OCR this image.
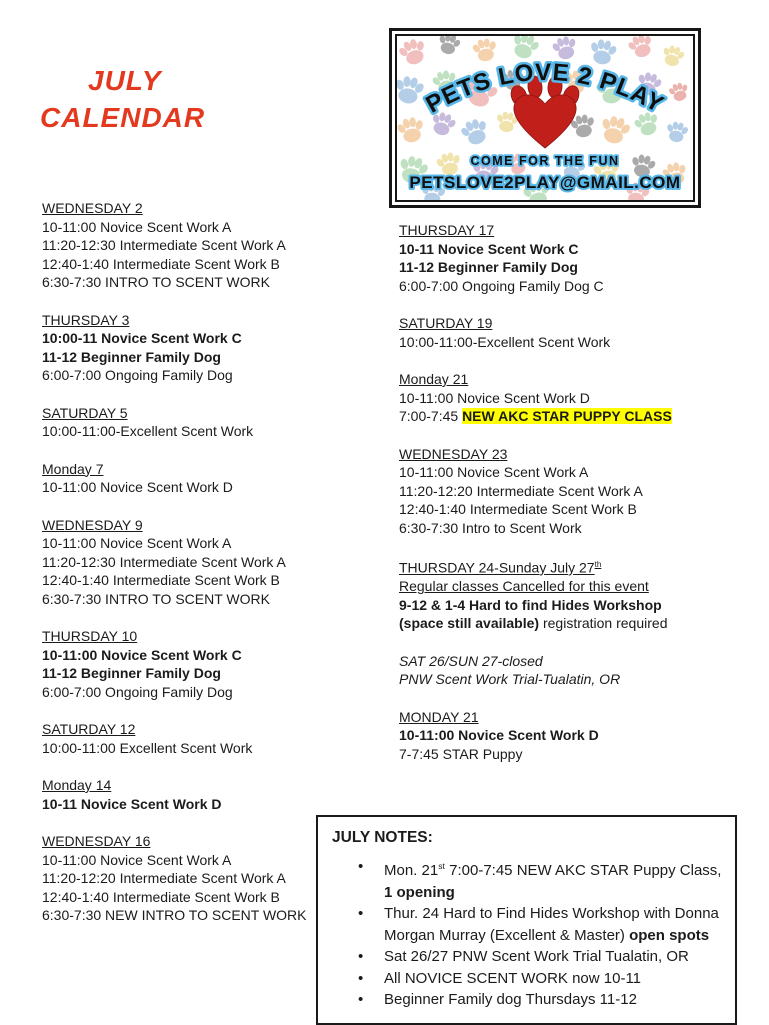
JULY
CALENDAR	PETS LOVE 2 PLAY
COME FOR THE FUN
PETSLOVE2PLAY@GMAIL.COM
WEDNESDAY 2
10-11:00 Novice Scent Work A
11:20-12:30 Intermediate Scent Work A
12:40-1:40 Intermediate Scent Work B
6:30-7:30 INTRO TO SCENT WORK
THURSDAY 3
10:00-11 Novice Scent Work C
11-12 Beginner Family Dog
6:00-7:00 Ongoing Family Dog
SATURDAY 5
10:00-11:00-Excellent Scent Work
Monday 7
10-11:00 Novice Scent Work D
WEDNESDAY 9
10-11:00 Novice Scent Work A
11:20-12:30 Intermediate Scent Work A
12:40-1:40 Intermediate Scent Work B
6:30-7:30 INTRO TO SCENT WORK
THURSDAY 10
10-11:00 Novice Scent Work C
11-12 Beginner Family Dog
6:00-7:00 Ongoing Family Dog
SATURDAY 12
10:00-11:00 Excellent Scent Work
Monday 14
10-11 Novice Scent Work D
WEDNESDAY 16
10-11:00 Novice Scent Work A
11:20-12:20 Intermediate Scent Work A
12:40-1:40 Intermediate Scent Work B
6:30-7:30 NEW INTRO TO SCENT WORK
THURSDAY 17
10-11 Novice Scent Work C
11-12 Beginner Family Dog
6:00-7:00 Ongoing Family Dog C
SATURDAY 19
10:00-11:00-Excellent Scent Work
Monday 21
10-11:00 Novice Scent Work D
7:00-7:45 NEW AKC STAR PUPPY CLASS
WEDNESDAY 23
10-11:00 Novice Scent Work A
11:20-12:20 Intermediate Scent Work A
12:40-1:40 Intermediate Scent Work B
6:30-7:30 Intro to Scent Work
THURSDAY 24-Sunday July 27th
Regular classes Cancelled for this event
9-12 & 1-4 Hard to find Hides Workshop
(space still available) registration required
SAT 26/SUN 27-closed
PNW Scent Work Trial-Tualatin, OR
MONDAY 21
10-11:00 Novice Scent Work D
7-7:45 STAR Puppy
JULY NOTES:
•	Mon. 21st 7:00-7:45 NEW AKC STAR Puppy Class,
1 opening
•	Thur. 24 Hard to Find Hides Workshop with Donna
Morgan Murray (Excellent & Master) open spots
•	Sat 26/27 PNW Scent Work Trial Tualatin, OR
•	All NOVICE SCENT WORK now 10-11
•	Beginner Family dog Thursdays 11-12
